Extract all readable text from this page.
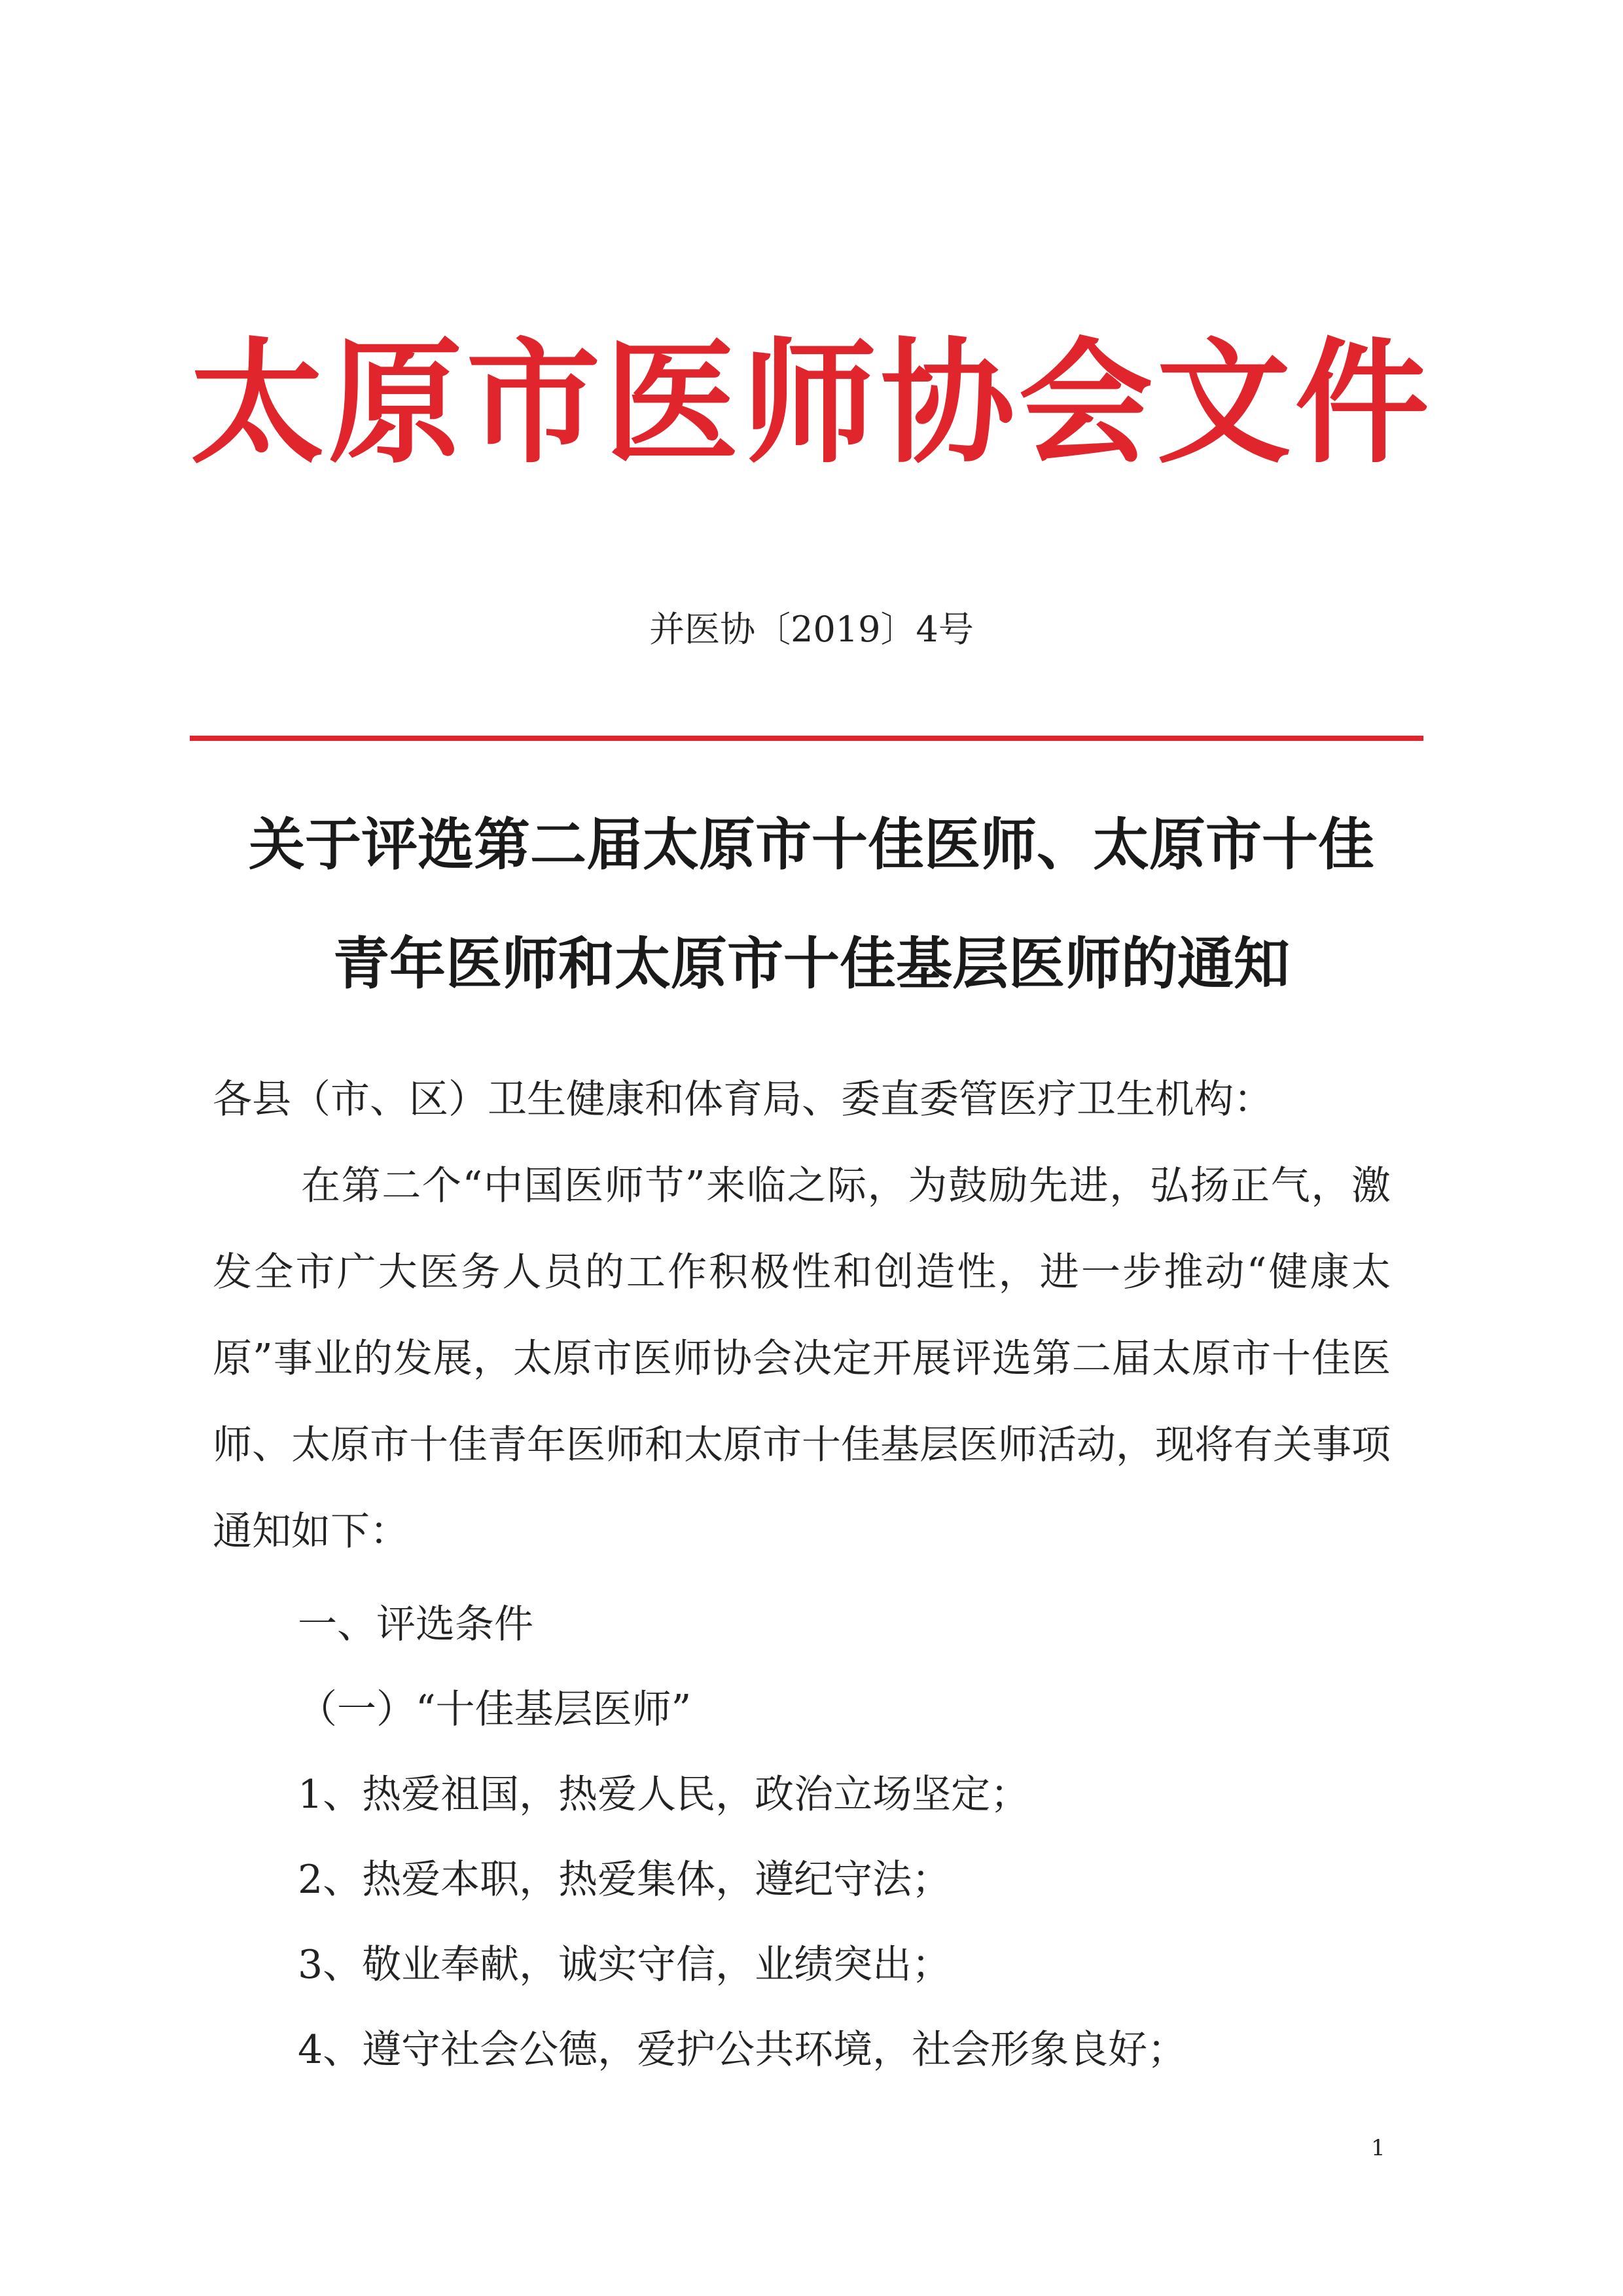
太原市医师协会文件
并医协〔2019〕4号
关于评选第二届太原市十佳医师、太原市十佳
青年医师和太原市十佳基层医师的通知
各县（市、区）卫生健康和体育局、委直委管医疗卫生机构：
在第二个“中国医师节”来临之际，为鼓励先进，弘扬正气，激发全市广大医务人员的工作积极性和创造性，进一步推动“健康太原”事业的发展，太原市医师协会决定开展评选第二届太原市十佳医师、太原市十佳青年医师和太原市十佳基层医师活动，现将有关事项通知如下：
一、评选条件
（一）“十佳基层医师”
1、热爱祖国，热爱人民，政治立场坚定；
2、热爱本职，热爱集体，遵纪守法；
3、敬业奉献，诚实守信，业绩突出；
4、遵守社会公德，爱护公共环境，社会形象良好；
1
